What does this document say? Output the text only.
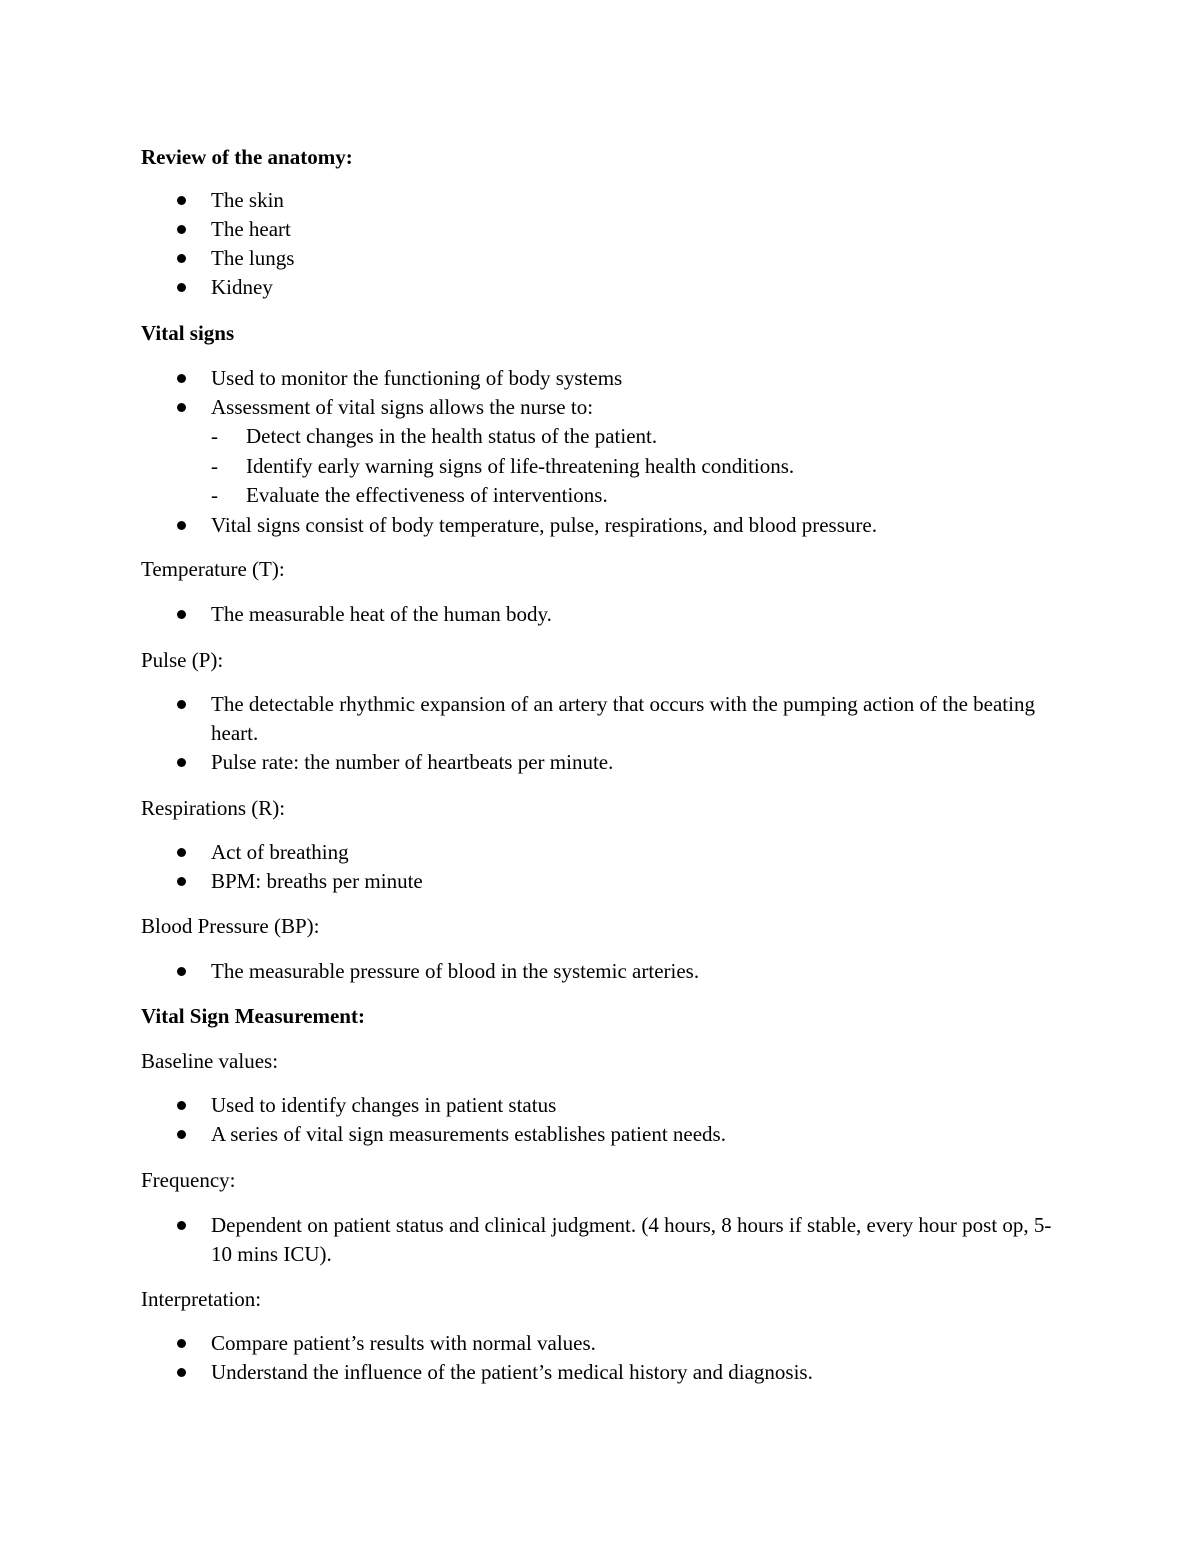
Review of the anatomy:
The skin
The heart
The lungs
Kidney
Vital signs
Used to monitor the functioning of body systems
Assessment of vital signs allows the nurse to:
- Detect changes in the health status of the patient.
- Identify early warning signs of life-threatening health conditions.
- Evaluate the effectiveness of interventions.
Vital signs consist of body temperature, pulse, respirations, and blood pressure.
Temperature (T):
The measurable heat of the human body.
Pulse (P):
The detectable rhythmic expansion of an artery that occurs with the pumping action of the beating heart.
Pulse rate: the number of heartbeats per minute.
Respirations (R):
Act of breathing
BPM: breaths per minute
Blood Pressure (BP):
The measurable pressure of blood in the systemic arteries.
Vital Sign Measurement:
Baseline values:
Used to identify changes in patient status
A series of vital sign measurements establishes patient needs.
Frequency:
Dependent on patient status and clinical judgment. (4 hours, 8 hours if stable, every hour post op, 5-10 mins ICU).
Interpretation:
Compare patient’s results with normal values.
Understand the influence of the patient’s medical history and diagnosis.
